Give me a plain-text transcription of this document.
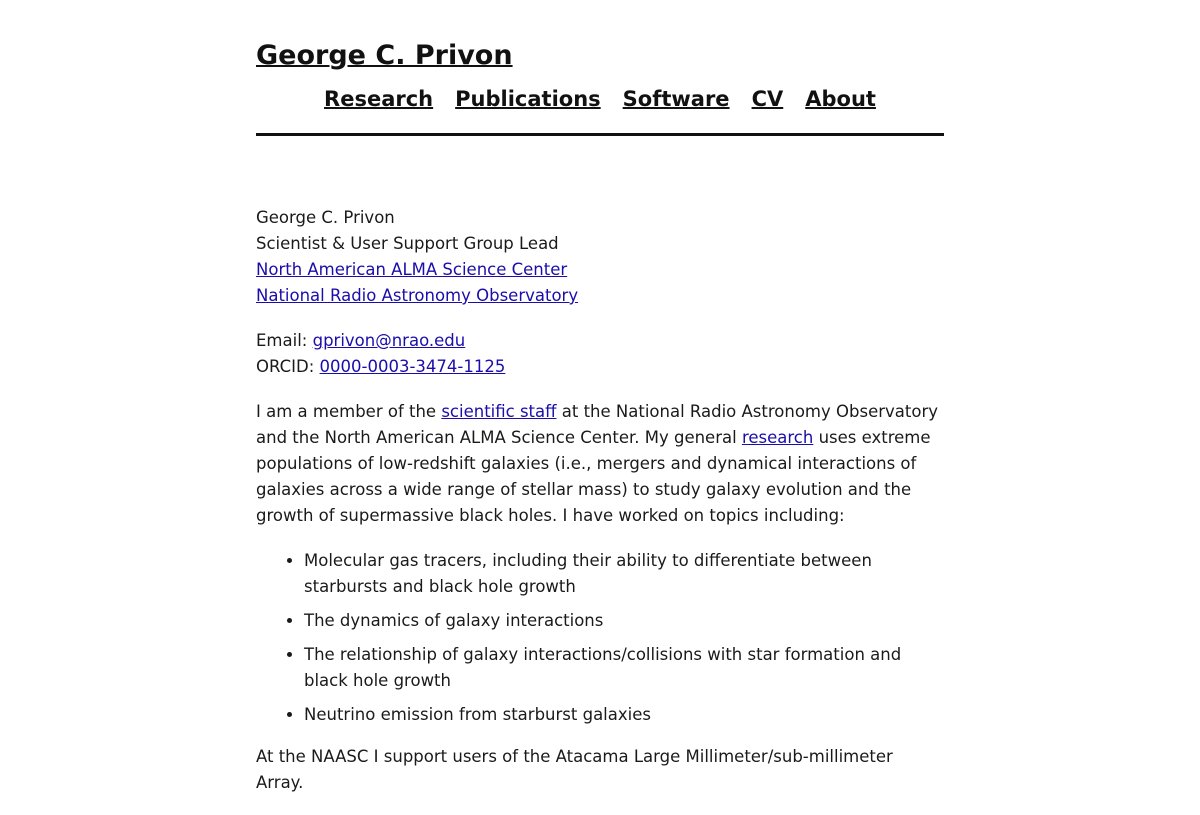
George C. Privon
Research Publications Software CV About

George C. Privon
Scientist & User Support Group Lead
North American ALMA Science Center
National Radio Astronomy Observatory

Email: gprivon@nrao.edu
ORCID: 0000-0003-3474-1125

I am a member of the scientific staff at the National Radio Astronomy Observatory and the North American ALMA Science Center. My general research uses extreme populations of low-redshift galaxies (i.e., mergers and dynamical interactions of galaxies across a wide range of stellar mass) to study galaxy evolution and the growth of supermassive black holes. I have worked on topics including:

• Molecular gas tracers, including their ability to differentiate between starbursts and black hole growth
• The dynamics of galaxy interactions
• The relationship of galaxy interactions/collisions with star formation and black hole growth
• Neutrino emission from starburst galaxies

At the NAASC I support users of the Atacama Large Millimeter/sub-millimeter Array.
